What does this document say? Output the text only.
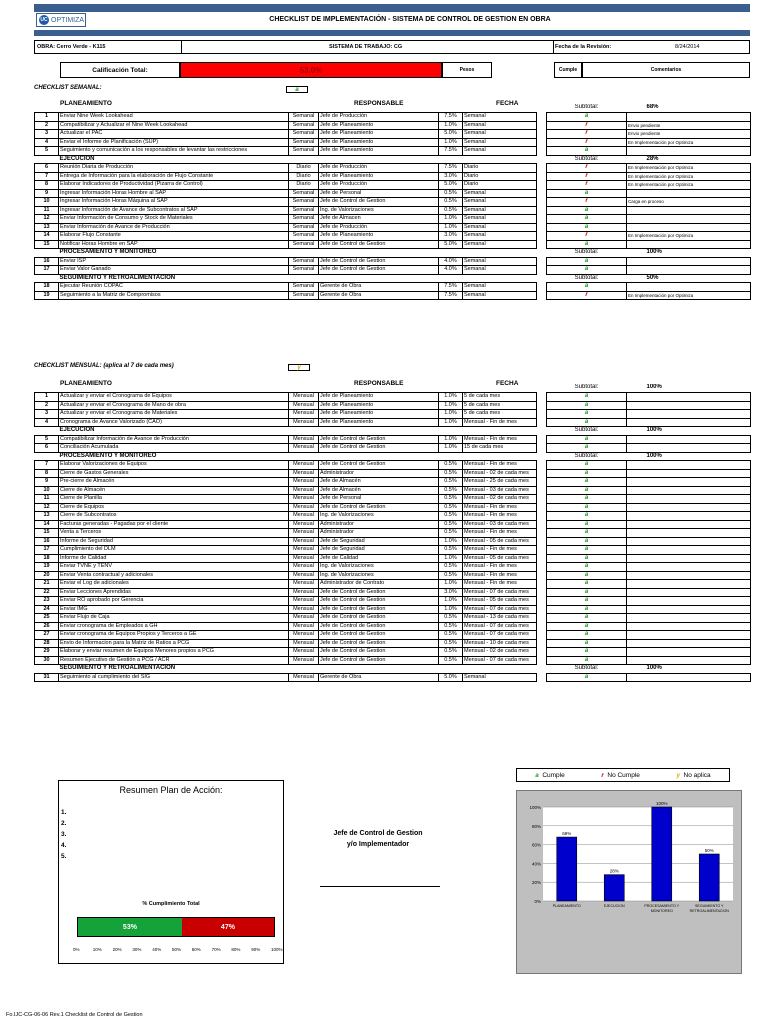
UC OPTIMIZA	CHECKLIST DE IMPLEMENTACIÓN - SISTEMA DE CONTROL DE GESTION EN OBRA
OBRA: Cerro Verde - K115	SISTEMA DE TRABAJO: CG	Fecha de la Revisión:	8/24/2014
Calificación Total:	53.0%	Pesos	Cumple	Comentarios
CHECKLIST SEMANAL:	a
PLANEAMIENTO	RESPONSABLE	FECHA
							Subtotal:	68%
1	Enviar Nine Week Lookahead	Semanal	Jefe de Producción	7.5%	Semanal		a	
2	Compatibilizar y Actualizar el Nine Week Lookahead	Semanal	Jefe de Planeamiento	1.0%	Semanal		r	Envio pendiente
3	Actualizar el PAC	Semanal	Jefe de Planeamiento	5.0%	Semanal		r	Envio pendiente
4	Enviar el Informe de Planificación (SUP)	Semanal	Jefe de Planeamiento	1.0%	Semanal		r	En Implementación por Optimiza
5	Seguimiento y comunicación a los responsables de levantar las restricciones	Semanal	Jefe de Planeamiento	7.5%	Semanal		a	
	EJECUCION						Subtotal:	28%
6	Reunión Diaria de Producción	Diario	Jefe de Producción	7.5%	Diario		r	En Implementación por Optimiza
7	Entrega de Información para la elaboración de Flujo Constante	Diario	Jefe de Planeamiento	3.0%	Diario		r	En Implementación por Optimiza
8	Elaborar Indicadores de Productividad (Pizarra de Control)	Diario	Jefe de Producción	5.0%	Diario		r	En Implementación por Optimiza
9	Ingresar Información Horas Hombre al SAP	Semanal	Jefe de Personal	0.5%	Semanal		a	
10	Ingresar Información Horas Máquina al SAP	Semanal	Jefe de Control de Gestion	0.5%	Semanal		r	Carga en proceso
11	Ingresar Información de Avance de Subcontratos al SAP	Semanal	Ing. de Valorizaciones	0.5%	Semanal		a	
12	Enviar Información de Consumo y Stock de Materiales	Semanal	Jefe de Almacen	1.0%	Semanal		a	
13	Enviar Información de Avance de Producción	Semanal	Jefe de Producción	1.0%	Semanal		a	
14	Elaborar Flujo Constante	Semanal	Jefe de Planeamiento	3.0%	Semanal		r	En Implementación por Optimiza
15	Notificar Horas Hombre en SAP	Semanal	Jefe de Control de Gestion	5.0%	Semanal		a	
	PROCESAMIENTO Y MONITOREO						Subtotal:	100%
16	Enviar ISP	Semanal	Jefe de Control de Gestion	4.0%	Semanal		a	
17	Enviar Valor Ganado	Semanal	Jefe de Control de Gestion	4.0%	Semanal		a	
	SEGUIMIENTO Y RETROALIMENTACION						Subtotal:	50%
18	Ejecutar Reunión COPAC	Semanal	Gerente de Obra	7.5%	Semanal		a	
19	Seguimiento a la Matriz de Compromisos	Semanal	Gerente de Obra	7.5%	Semanal		r	En Implementación por Optimiza
CHECKLIST MENSUAL: (aplica al 7 de cada mes)	y
PLANEAMIENTO	RESPONSABLE	FECHA
							Subtotal:	100%
1	Actualizar y enviar el Cronograma de Equipos	Mensual	Jefe de Planeamiento	1.0%	5 de cada mes		a	
2	Actualizar y enviar el Cronograma de Mano de obra	Mensual	Jefe de Planeamiento	1.0%	5 de cada mes		a	
3	Actualizar y enviar el Cronograma de Materiales	Mensual	Jefe de Planeamiento	1.0%	5 de cada mes		a	
4	Cronograma de Avance Valorizado (CAO)	Mensual	Jefe de Planeamiento	1.0%	Mensual - Fin de mes		a	
	EJECUCION						Subtotal:	100%
5	Compatibilizar Información de Avance de Producción	Mensual	Jefe de Control de Gestion	1.0%	Mensual - Fin de mes		a	
6	Conciliación Acumulada	Mensual	Jefe de Control de Gestion	1.0%	15 de cada mes		a	
	PROCESAMIENTO Y MONITOREO						Subtotal:	100%
7	Elaborar Valorizaciones de Equipos	Mensual	Jefe de Control de Gestion	0.5%	Mensual - Fin de mes		a	
8	Cierre de Gastos Generales	Mensual	Administrador	0.5%	Mensual - 02 de cada mes		a	
9	Pre-cierre de Almacén	Mensual	Jefe de Almacén	0.5%	Mensual - 25 de cada mes		a	
10	Cierre de Almacén	Mensual	Jefe de Almacén	0.5%	Mensual - 03 de cada mes		a	
11	Cierre de Planilla	Mensual	Jefe de Personal	0.5%	Mensual - 02 de cada mes		a	
12	Cierre de Equipos	Mensual	Jefe de Control de Gestion	0.5%	Mensual - Fin de mes		a	
13	Cierre de Subcontratos	Mensual	Ing. de Valorizaciones	0.5%	Mensual - Fin de mes		a	
14	Facturas generadas - Pagadas por el cliente	Mensual	Administrador	0.5%	Mensual - 03 de cada mes		a	
15	Venta a Terceros	Mensual	Administrador	0.5%	Mensual - Fin de mes		a	
16	Informe de Seguridad	Mensual	Jefe de Seguridad	1.0%	Mensual - 05 de cada mes		a	
17	Cumplimiento del DLM	Mensual	Jefe de Seguridad	0.5%	Mensual - Fin de mes		a	
18	Informe de Calidad	Mensual	Jefe de Calidad	1.0%	Mensual - 05 de cada mes		a	
19	Enviar TVNE y TENV	Mensual	Ing. de Valorizaciones	0.5%	Mensual - Fin de mes		a	
20	Enviar Venta contractual y adicionales	Mensual	Ing. de Valorizaciones	0.5%	Mensual - Fin de mes		a	
21	Enviar el Log de adicionales	Mensual	Administrador de Contrato	1.0%	Mensual - Fin de mes		a	
22	Enviar Lecciones Aprendidas	Mensual	Jefe de Control de Gestion	3.0%	Mensual - 07 de cada mes		a	
23	Enviar RO aprobado por Gerencia	Mensual	Jefe de Control de Gestion	1.0%	Mensual - 05 de cada mes		a	
24	Enviar IMG	Mensual	Jefe de Control de Gestion	1.0%	Mensual - 07 de cada mes		a	
25	Enviar Flujo de Caja	Mensual	Jefe de Control de Gestion	0.5%	Mensual - 13 de cada mes		a	
26	Enviar cronograma de Empleados a GH	Mensual	Jefe de Control de Gestion	0.5%	Mensual - 07 de cada mes		a	
27	Enviar cronograma de Equipos Propios y Terceros a GE	Mensual	Jefe de Control de Gestion	0.5%	Mensual - 07 de cada mes		a	
28	Envio de Informacion para la Matriz de Ratios a PCG	Mensual	Jefe de Control de Gestion	0.5%	Mensual - 10 de cada mes		a	
29	Elaborar y enviar resumen de Equipos Menores propios a PCG	Mensual	Jefe de Control de Gestion	0.5%	Mensual - 02 de cada mes		a	
30	Resumen Ejecutivo de Gestión a PCG / ACR	Mensual	Jefe de Control de Gestion	0.5%	Mensual - 07 de cada mes		a	
	SEGUIMIENTO Y RETROALIMENTACION						Subtotal:	100%
31	Seguimiento al cumplimiento del SIG	Mensual	Gerente de Obra	5.0%	Semanal		a	
a Cumple	r No Cumple	y No aplica
Resumen Plan de Acción:
1.
2.
3.
4.
5.
% Cumplimiento Total
53%	47%
0%	10% 20% 30% 40% 50% 60% 70% 80% 90% 100%
Jefe de Control de Gestion
y/o Implementador
0%
20%
40%
60%
80%
100%
68%
PLANEAMIENTO
28%
EJECUCION
100%
PROCESAMIENTO Y
MONITOREO
50%
SEGUIMIENTO Y
RETROALIMENTACION
Fo.IJC-CG-06-06 Rev.1 Checklist de Control de Gestion
